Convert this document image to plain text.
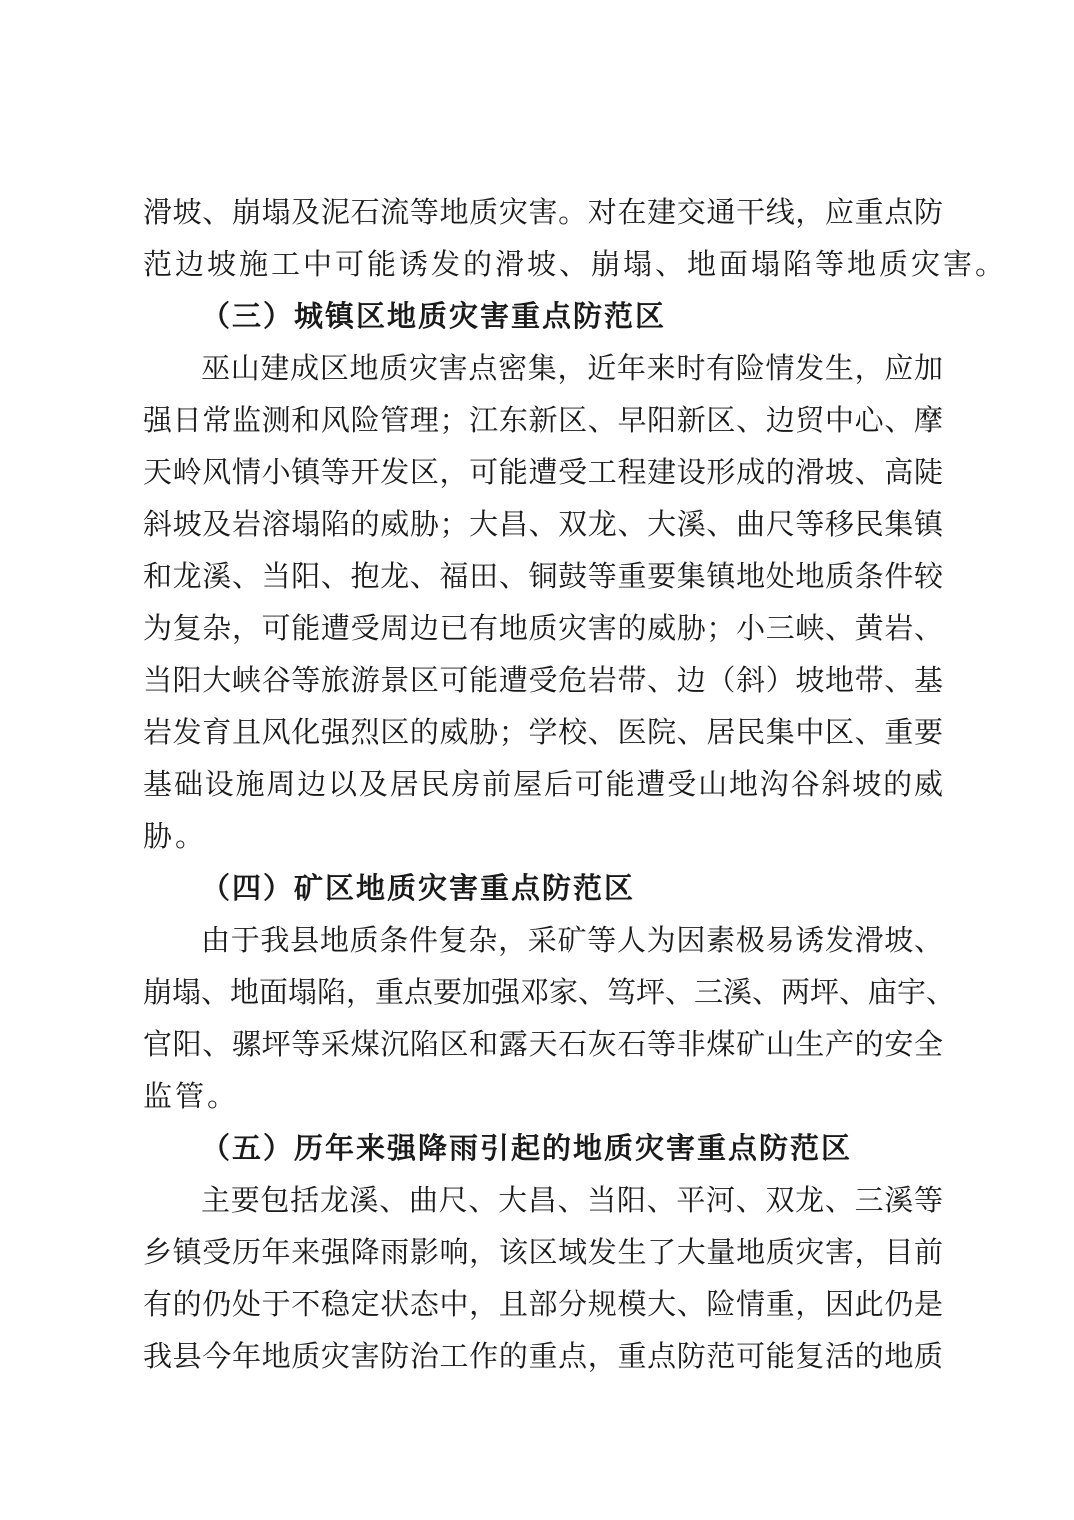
滑坡、崩塌及泥石流等地质灾害。对在建交通干线，应重点防
范边坡施工中可能诱发的滑坡、崩塌、地面塌陷等地质灾害。
（三）城镇区地质灾害重点防范区
巫山建成区地质灾害点密集，近年来时有险情发生，应加
强日常监测和风险管理；江东新区、早阳新区、边贸中心、摩
天岭风情小镇等开发区，可能遭受工程建设形成的滑坡、高陡
斜坡及岩溶塌陷的威胁；大昌、双龙、大溪、曲尺等移民集镇
和龙溪、当阳、抱龙、福田、铜鼓等重要集镇地处地质条件较
为复杂，可能遭受周边已有地质灾害的威胁；小三峡、黄岩、
当阳大峡谷等旅游景区可能遭受危岩带、边（斜）坡地带、基
岩发育且风化强烈区的威胁；学校、医院、居民集中区、重要
基础设施周边以及居民房前屋后可能遭受山地沟谷斜坡的威
胁。
（四）矿区地质灾害重点防范区
由于我县地质条件复杂，采矿等人为因素极易诱发滑坡、
崩塌、地面塌陷，重点要加强邓家、笃坪、三溪、两坪、庙宇、
官阳、骡坪等采煤沉陷区和露天石灰石等非煤矿山生产的安全
监管。
（五）历年来强降雨引起的地质灾害重点防范区
主要包括龙溪、曲尺、大昌、当阳、平河、双龙、三溪等
乡镇受历年来强降雨影响，该区域发生了大量地质灾害，目前
有的仍处于不稳定状态中，且部分规模大、险情重，因此仍是
我县今年地质灾害防治工作的重点，重点防范可能复活的地质
